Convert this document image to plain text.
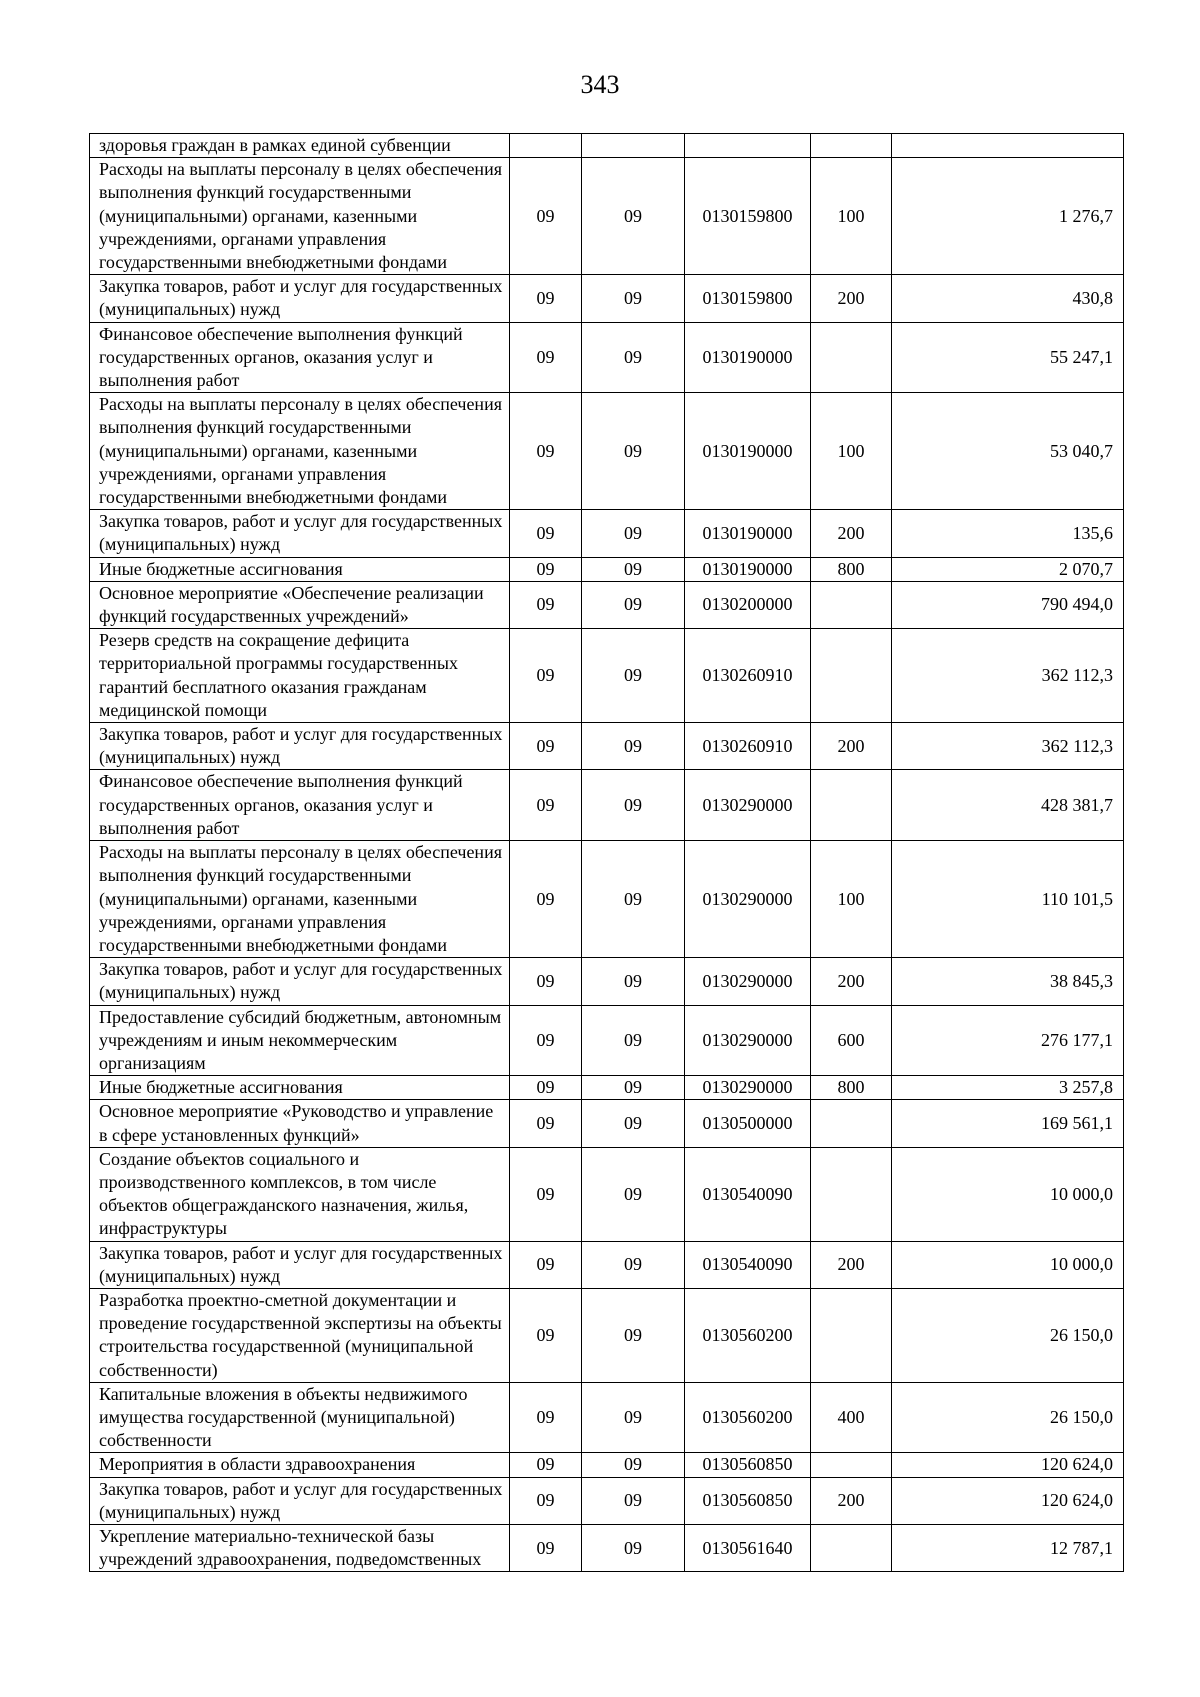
343
здоровья граждан в рамках единой субвенции					
Расходы на выплаты персоналу в целях обеспечения выполнения функций государственными (муниципальными) органами, казенными учреждениями, органами управления государственными внебюджетными фондами	09	09	0130159800	100	1 276,7
Закупка товаров, работ и услуг для государственных (муниципальных) нужд	09	09	0130159800	200	430,8
Финансовое обеспечение выполнения функций государственных органов, оказания услуг и выполнения работ	09	09	0130190000		55 247,1
Расходы на выплаты персоналу в целях обеспечения выполнения функций государственными (муниципальными) органами, казенными учреждениями, органами управления государственными внебюджетными фондами	09	09	0130190000	100	53 040,7
Закупка товаров, работ и услуг для государственных (муниципальных) нужд	09	09	0130190000	200	135,6
Иные бюджетные ассигнования	09	09	0130190000	800	2 070,7
Основное мероприятие «Обеспечение реализации функций государственных учреждений»	09	09	0130200000		790 494,0
Резерв средств на сокращение дефицита территориальной программы государственных гарантий бесплатного оказания гражданам медицинской помощи	09	09	0130260910		362 112,3
Закупка товаров, работ и услуг для государственных (муниципальных) нужд	09	09	0130260910	200	362 112,3
Финансовое обеспечение выполнения функций государственных органов, оказания услуг и выполнения работ	09	09	0130290000		428 381,7
Расходы на выплаты персоналу в целях обеспечения выполнения функций государственными (муниципальными) органами, казенными учреждениями, органами управления государственными внебюджетными фондами	09	09	0130290000	100	110 101,5
Закупка товаров, работ и услуг для государственных (муниципальных) нужд	09	09	0130290000	200	38 845,3
Предоставление субсидий бюджетным, автономным учреждениям и иным некоммерческим организациям	09	09	0130290000	600	276 177,1
Иные бюджетные ассигнования	09	09	0130290000	800	3 257,8
Основное мероприятие «Руководство и управление в сфере установленных функций»	09	09	0130500000		169 561,1
Создание объектов социального и производственного комплексов, в том числе объектов общегражданского назначения, жилья, инфраструктуры	09	09	0130540090		10 000,0
Закупка товаров, работ и услуг для государственных (муниципальных) нужд	09	09	0130540090	200	10 000,0
Разработка проектно-сметной документации и проведение государственной экспертизы на объекты строительства государственной (муниципальной собственности)	09	09	0130560200		26 150,0
Капитальные вложения в объекты недвижимого имущества государственной (муниципальной) собственности	09	09	0130560200	400	26 150,0
Мероприятия в области здравоохранения	09	09	0130560850		120 624,0
Закупка товаров, работ и услуг для государственных (муниципальных) нужд	09	09	0130560850	200	120 624,0
Укрепление материально-технической базы учреждений здравоохранения, подведомственных	09	09	0130561640		12 787,1
